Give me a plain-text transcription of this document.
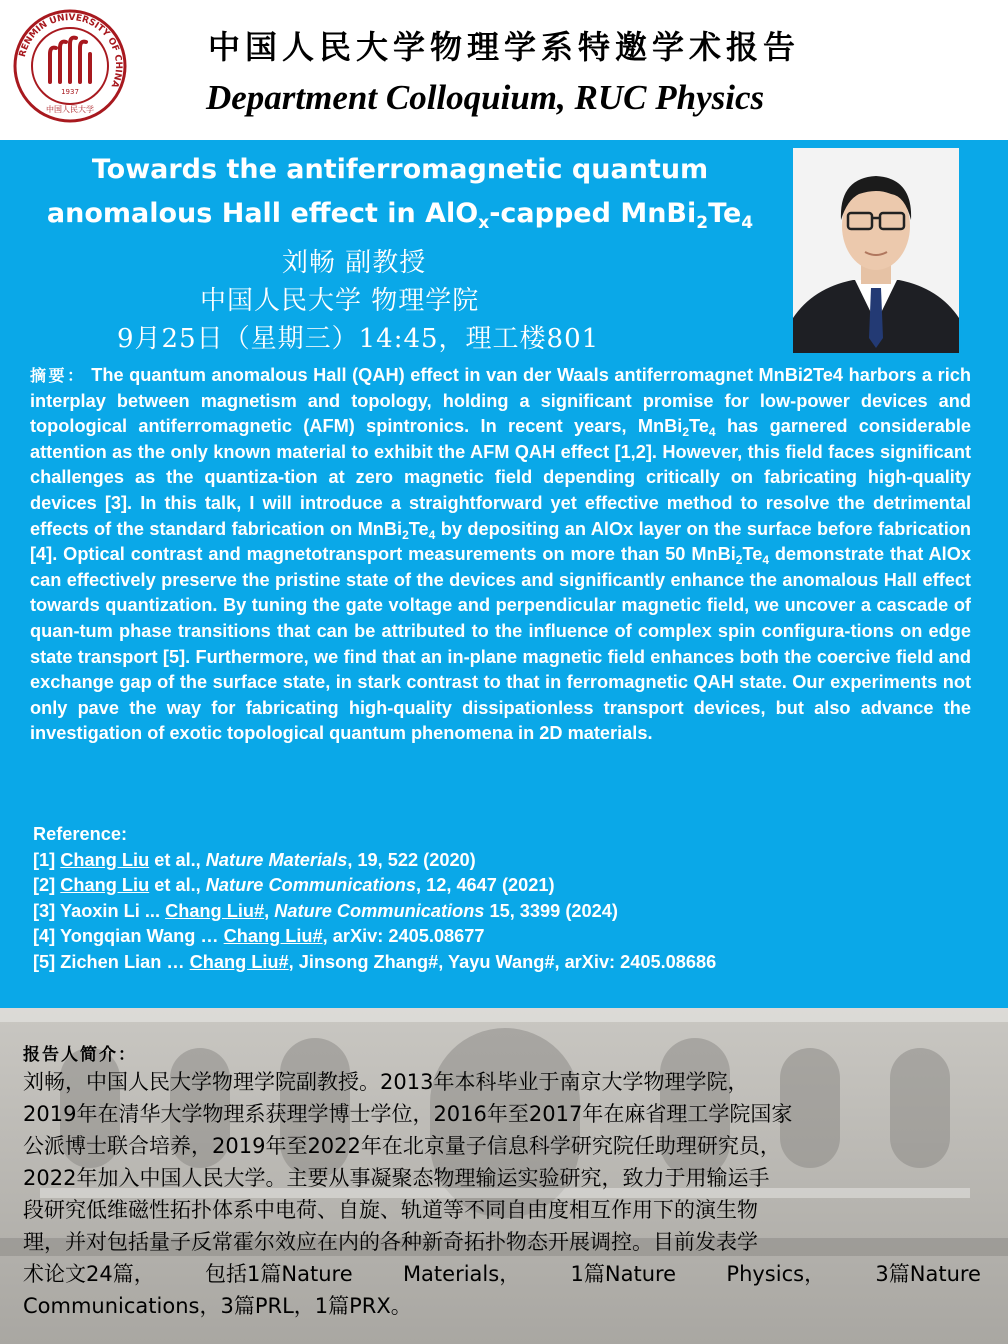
RENMIN UNIVERSITY OF CHINA
1937
中国人民大学
中国人民大学物理学系特邀学术报告
Department Colloquium, RUC Physics
Towards the antiferromagnetic quantum
anomalous Hall effect in AlO$_x$-capped $MnBi_2Te_4$
刘畅 副教授
中国人民大学 物理学院
9月25日（星期三）14:45，理工楼801
摘要： The quantum anomalous Hall (QAH) effect in van der Waals antiferromagnet MnBi2Te4 harbors a rich interplay between magnetism and topology, holding a significant promise for low-power devices and topological antiferromagnetic (AFM) spintronics. In recent years, $MnBi_2Te_4$ has garnered considerable attention as the only known material to exhibit the AFM QAH effect [1,2]. However, this field faces significant challenges as the quantiza-tion at zero magnetic field depending critically on fabricating high-quality devices [3]. In this talk, I will introduce a straightforward yet effective method to resolve the detrimental effects of the standard fabrication on $MnBi_2Te_4$ by depositing an AlOx layer on the surface before fabrication [4]. Optical contrast and magnetotransport measurements on more than 50 $MnBi_2Te_4$ demonstrate that AlOx can effectively preserve the pristine state of the devices and significantly enhance the anomalous Hall effect towards quantization. By tuning the gate voltage and perpendicular magnetic field, we uncover a cascade of quan-tum phase transitions that can be attributed to the influence of complex spin configura-tions on edge state transport [5]. Furthermore, we find that an in-plane magnetic field enhances both the coercive field and exchange gap of the surface state, in stark contrast to that in ferromagnetic QAH state. Our experiments not only pave the way for fabricating high-quality dissipationless transport devices, but also advance the investigation of exotic topological quantum phenomena in 2D materials.
Reference:
[1] Chang Liu et al., Nature Materials, 19, 522 (2020)
[2] Chang Liu et al., Nature Communications, 12, 4647 (2021)
[3] Yaoxin Li ... Chang Liu#, Nature Communications 15, 3399 (2024)
[4] Yongqian Wang … Chang Liu#, arXiv: 2405.08677
[5] Zichen Lian … Chang Liu#, Jinsong Zhang#, Yayu Wang#, arXiv: 2405.08686
报告人简介：
刘畅，中国人民大学物理学院副教授。2013年本科毕业于南京大学物理学院，
2019年在清华大学物理系获理学博士学位，2016年至2017年在麻省理工学院国家
公派博士联合培养，2019年至2022年在北京量子信息科学研究院任助理研究员，
2022年加入中国人民大学。主要从事凝聚态物理输运实验研究，致力于用输运手
段研究低维磁性拓扑体系中电荷、自旋、轨道等不同自由度相互作用下的演生物
理，并对包括量子反常霍尔效应在内的各种新奇拓扑物态开展调控。目前发表学
术论文24篇， 包括1篇Nature Materials， 1篇Nature Physics， 3篇Nature
Communications，3篇PRL，1篇PRX。
